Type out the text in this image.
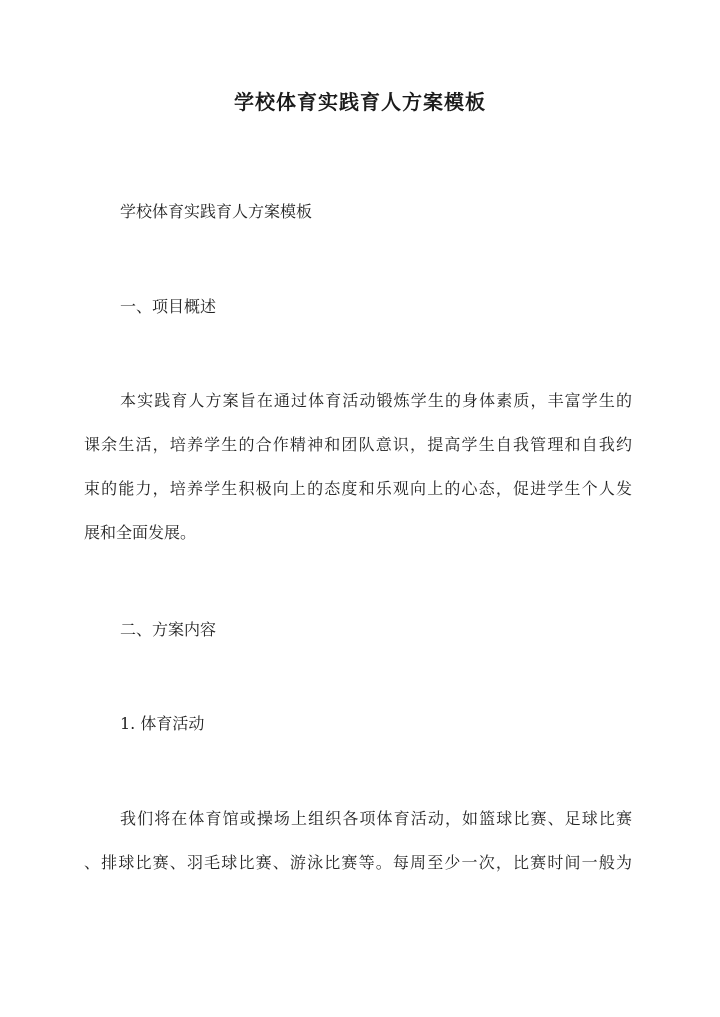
学校体育实践育人方案模板
学校体育实践育人方案模板
一、项目概述
本实践育人方案旨在通过体育活动锻炼学生的身体素质，丰富学生的
课余生活，培养学生的合作精神和团队意识，提高学生自我管理和自我约
束的能力，培养学生积极向上的态度和乐观向上的心态，促进学生个人发
展和全面发展。
二、方案内容
1. 体育活动
我们将在体育馆或操场上组织各项体育活动，如篮球比赛、足球比赛
、排球比赛、羽毛球比赛、游泳比赛等。每周至少一次，比赛时间一般为
